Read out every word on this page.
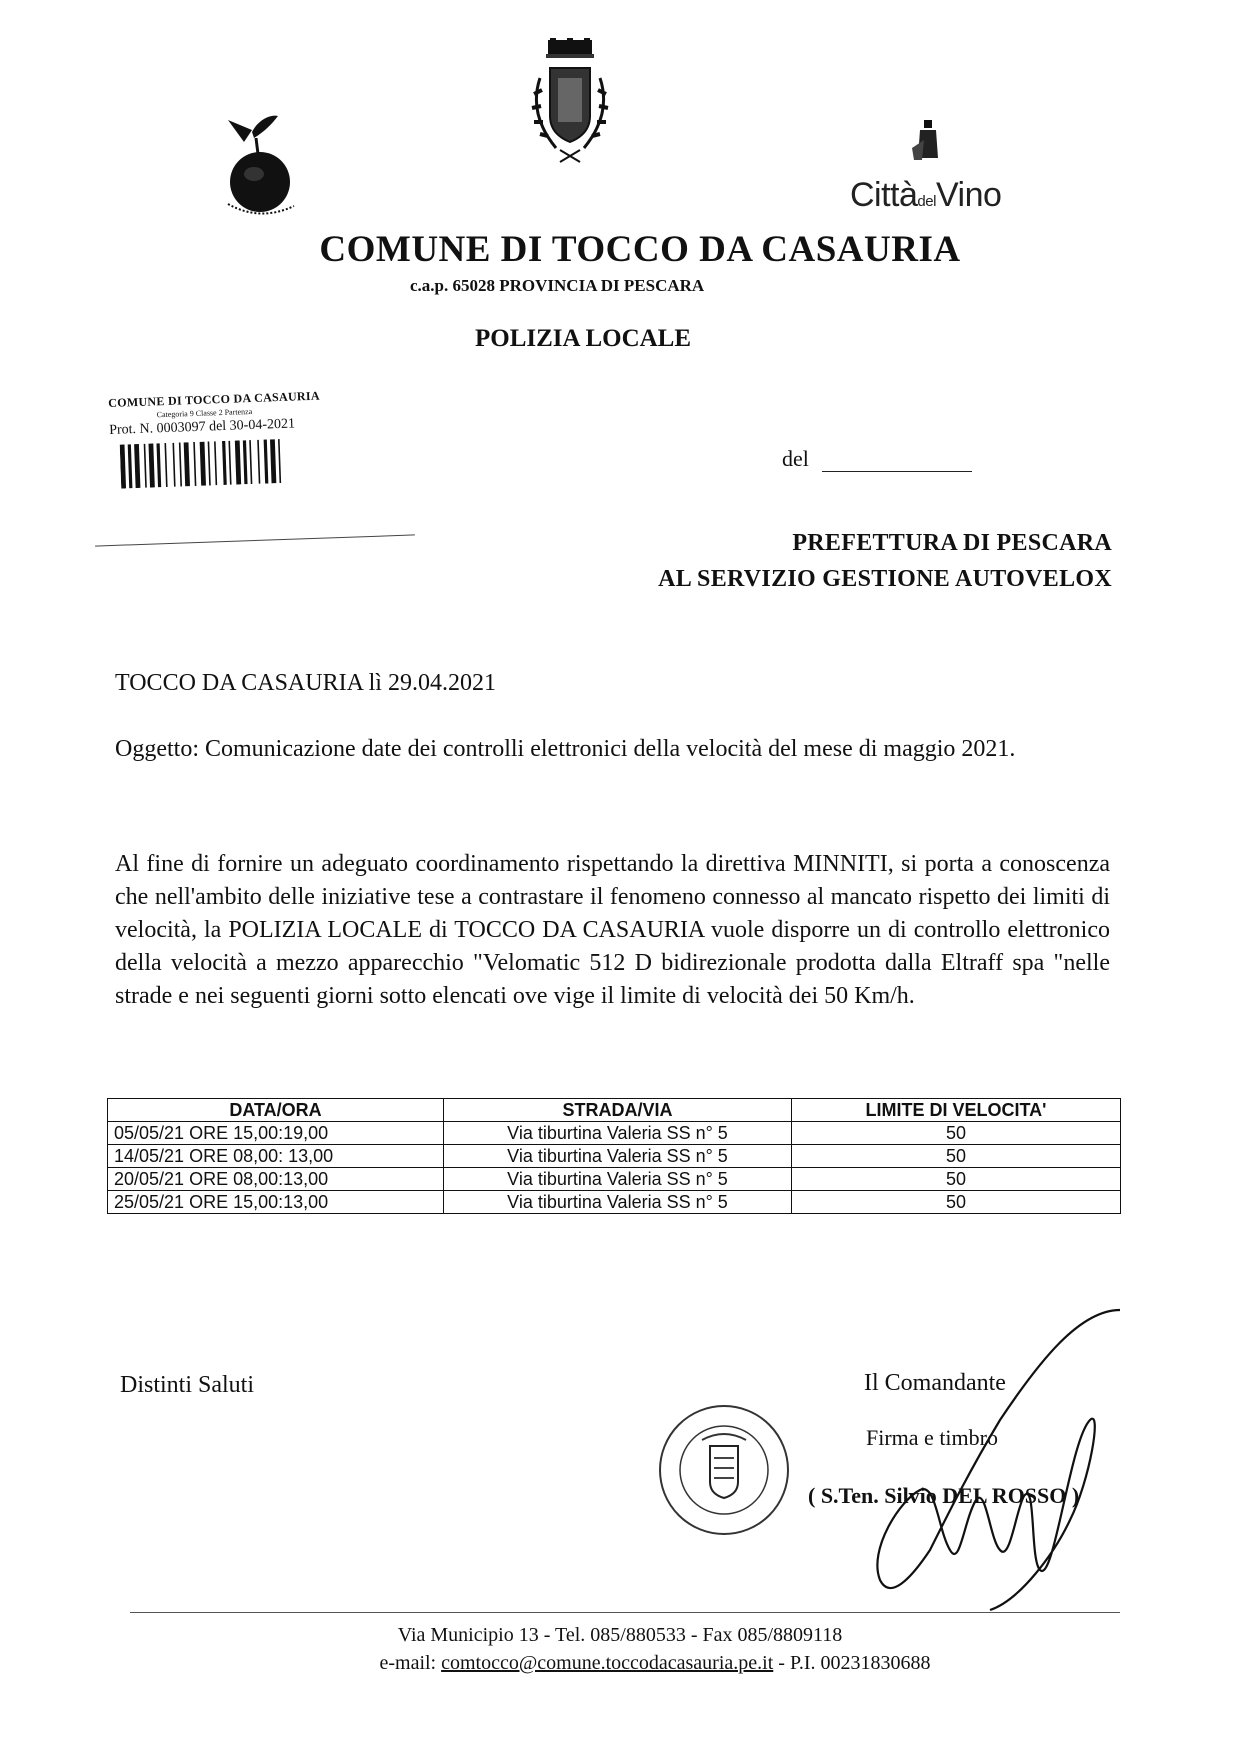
CittàdelVino
COMUNE DI TOCCO DA CASAURIA
c.a.p. 65028 PROVINCIA DI PESCARA
POLIZIA LOCALE
COMUNE DI TOCCO DA CASAURIA
Categoria 9 Classe 2 Partenza
Prot. N. 0003097 del 30-04-2021
del
PREFETTURA DI PESCARA
AL SERVIZIO GESTIONE AUTOVELOX
TOCCO DA CASAURIA lì 29.04.2021
Oggetto: Comunicazione date dei controlli elettronici della velocità del mese di maggio 2021.
Al fine di fornire un adeguato coordinamento rispettando la direttiva MINNITI, si porta a conoscenza che nell'ambito delle iniziative tese a contrastare il fenomeno connesso al mancato rispetto dei limiti di velocità, la POLIZIA LOCALE di TOCCO DA CASAURIA vuole disporre un di controllo elettronico della velocità a mezzo apparecchio "Velomatic 512 D bidirezionale prodotta dalla Eltraff spa "nelle strade e nei seguenti giorni sotto elencati ove vige il limite di velocità dei 50 Km/h.
DATA/ORA	STRADA/VIA	LIMITE DI VELOCITA'
05/05/21 ORE 15,00:19,00	Via tiburtina Valeria SS n° 5	50
14/05/21 ORE 08,00: 13,00	Via tiburtina Valeria SS n° 5	50
20/05/21 ORE 08,00:13,00	Via tiburtina Valeria SS n° 5	50
25/05/21 ORE 15,00:13,00	Via tiburtina Valeria SS n° 5	50
Distinti Saluti	Il Comandante
Firma e timbro
( S.Ten. Silvio DEL ROSSO )
Via Municipio 13 - Tel. 085/880533 - Fax 085/8809118
e-mail: comtocco@comune.toccodacasauria.pe.it - P.I. 00231830688
